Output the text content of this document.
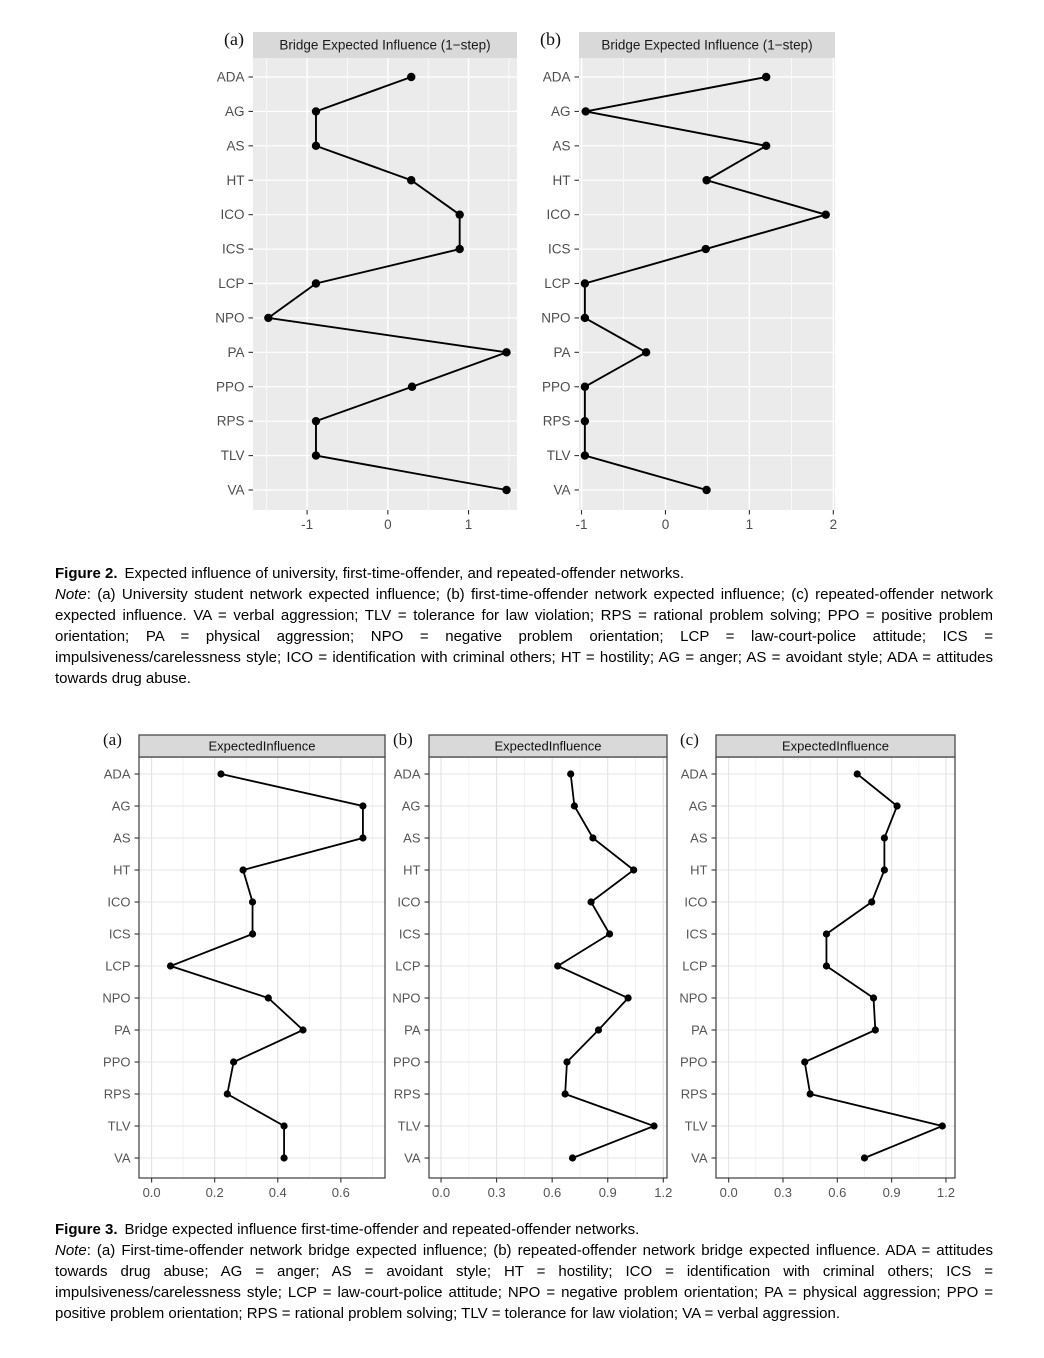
(a)	(b)
Bridge Expected Influence (1−step)
-1	0	1
ADA
AG
AS
HT
ICO
ICS
LCP
NPO
PA
PPO
RPS
TLV
VA
Bridge Expected Influence (1−step)
-1	0	1	2
ADA
AG
AS
HT
ICO
ICS
LCP
NPO
PA
PPO
RPS
TLV
VA

Figure 2. Expected influence of university, first-time-offender, and repeated-offender networks.

Note: (a) University student network expected influence; (b) first-time-offender network expected influence; (c) repeated-offender network expected influence. VA = verbal aggression; TLV = tolerance for law violation; RPS = rational problem solving; PPO = positive problem orientation; PA = physical aggression; NPO = negative problem orientation; LCP = law-court-police attitude; ICS = impulsiveness/carelessness style; ICO = identification with criminal others; HT = hostility; AG = anger; AS = avoidant style; ADA = attitudes towards drug abuse.

(a)	(b)	(c)
ExpectedInfluence
0.0	0.2	0.4	0.6
ADA
AG
AS
HT
ICO
ICS
LCP
NPO
PA
PPO
RPS
TLV
VA
ExpectedInfluence
0.0	0.3	0.6	0.9	1.2
ADA
AG
AS
HT
ICO
ICS
LCP
NPO
PA
PPO
RPS
TLV
VA
ExpectedInfluence
0.0	0.3	0.6	0.9	1.2
ADA
AG
AS
HT
ICO
ICS
LCP
NPO
PA
PPO
RPS
TLV
VA

Figure 3. Bridge expected influence first-time-offender and repeated-offender networks.

Note: (a) First-time-offender network bridge expected influence; (b) repeated-offender network bridge expected influence. ADA = attitudes towards drug abuse; AG = anger; AS = avoidant style; HT = hostility; ICO = identification with criminal others; ICS = impulsiveness/carelessness style; LCP = law-court-police attitude; NPO = negative problem orientation; PA = physical aggression; PPO = positive problem orientation; RPS = rational problem solving; TLV = tolerance for law violation; VA = verbal aggression.
